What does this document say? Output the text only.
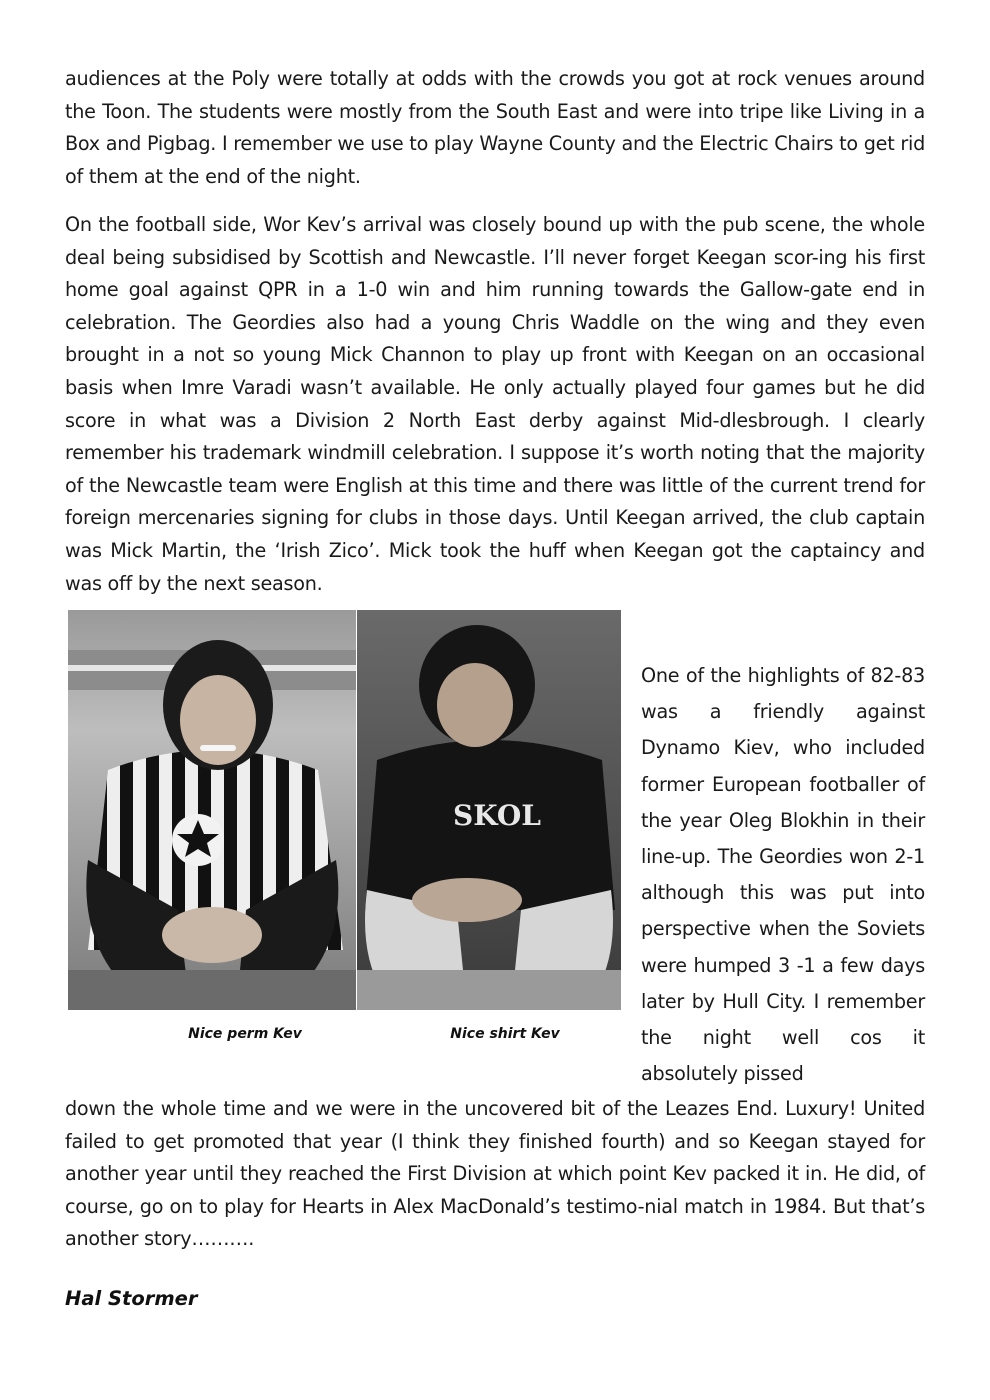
audiences at the Poly were totally at odds with the crowds you got at rock venues around the Toon. The students were mostly from the South East and were into tripe like Living in a Box and Pigbag. I remember we use to play Wayne County and the Electric Chairs to get rid of them at the end of the night.

On the football side, Wor Kev’s arrival was closely bound up with the pub scene, the whole deal being subsidised by Scottish and Newcastle. I’ll never forget Keegan scor-ing his first home goal against QPR in a 1-0 win and him running towards the Gallow-gate end in celebration. The Geordies also had a young Chris Waddle on the wing and they even brought in a not so young Mick Channon to play up front with Keegan on an occasional basis when Imre Varadi wasn’t available. He only actually played four games but he did score in what was a Division 2 North East derby against Mid-dlesbrough. I clearly remember his trademark windmill celebration. I suppose it’s worth noting that the majority of the Newcastle team were English at this time and there was little of the current trend for foreign mercenaries signing for clubs in those days. Until Keegan arrived, the club captain was Mick Martin, the ‘Irish Zico’. Mick took the huff when Keegan got the captaincy and was off by the next season.

SKOL
Nice perm Kev	Nice shirt Kev

One of the highlights of 82-83 was a friendly against Dynamo Kiev, who included former European footballer of the year Oleg Blokhin in their line-up. The Geordies won 2-1 although this was put into perspective when the Soviets were humped 3 -1 a few days later by Hull City. I remember the night well cos it absolutely pissed

down the whole time and we were in the uncovered bit of the Leazes End. Luxury! United failed to get promoted that year (I think they finished fourth) and so Keegan stayed for another year until they reached the First Division at which point Kev packed it in. He did, of course, go on to play for Hearts in Alex MacDonald’s testimo-nial match in 1984. But that’s another story……….

Hal Stormer
